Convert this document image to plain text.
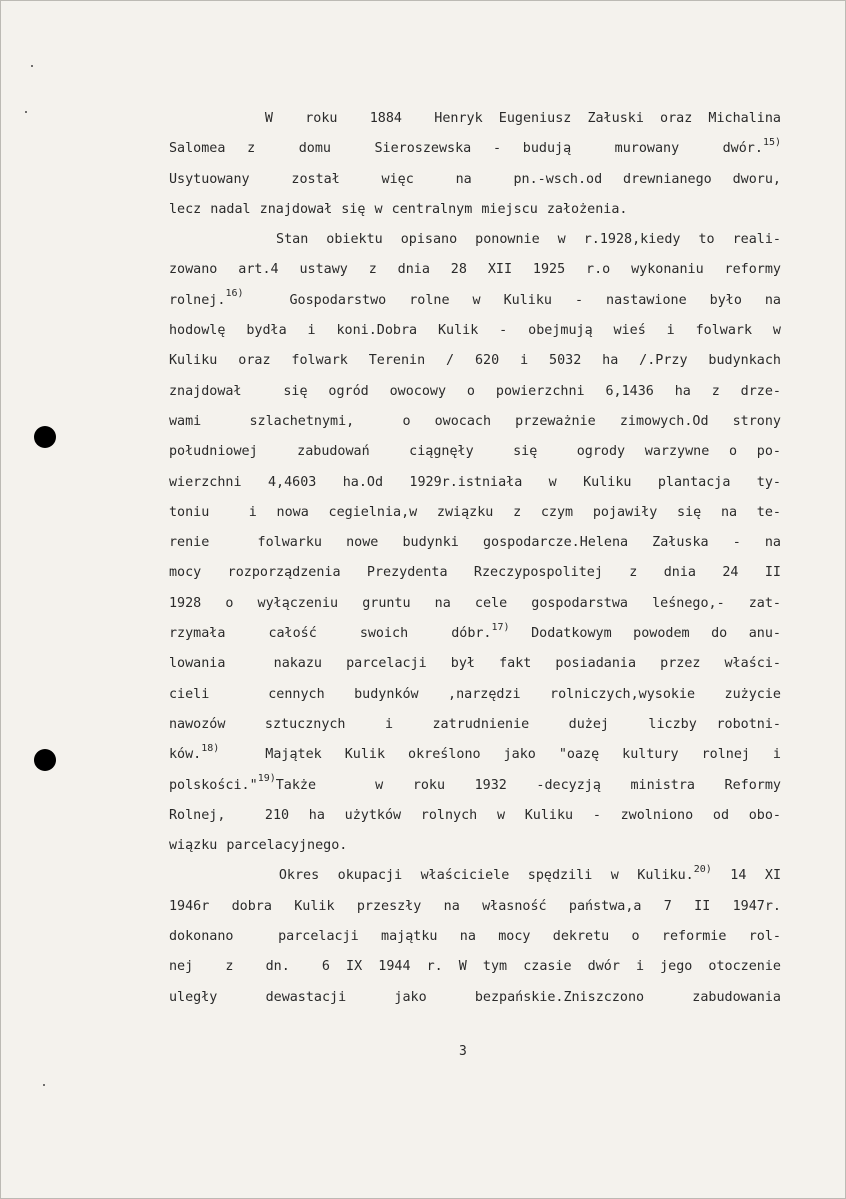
W  roku  1884  Henryk Eugeniusz Załuski oraz Michalina
Salomea z  domu  Sieroszewska - budują  murowany  dwór.$^{15)}$
Usytuowany  został  więc  na  pn.-wsch.od drewnianego dworu,
lecz nadal znajdował się w centralnym miejscu założenia.
Stan obiektu opisano ponownie w r.1928,kiedy to reali-
zowano art.4 ustawy z dnia 28 XII 1925 r.o wykonaniu reformy
rolnej.$^{16)}$  Gospodarstwo rolne w Kuliku - nastawione było na
hodowlę bydła i koni.Dobra Kulik - obejmują wieś i folwark w
Kuliku oraz folwark Terenin / 620 i 5032 ha /.Przy budynkach
znajdował  się ogród owocowy o powierzchni 6,1436 ha z drze-
wami  szlachetnymi,  o owocach przeważnie zimowych.Od strony
południowej  zabudowań  ciągnęły  się  ogrody warzywne o po-
wierzchni 4,4603 ha.Od 1929r.istniała w Kuliku plantacja ty-
toniu  i nowa cegielnia,w związku z czym pojawiły się na te-
renie  folwarku nowe budynki gospodarcze.Helena Załuska - na
mocy rozporządzenia Prezydenta Rzeczypospolitej z dnia 24 II
1928 o wyłączeniu gruntu na cele gospodarstwa leśnego,- zat-
rzymała  całość  swoich  dóbr.$^{17)}$ Dodatkowym powodem do anu-
lowania  nakazu parcelacji był fakt posiadania przez właści-
cieli  cennych budynków ,narzędzi rolniczych,wysokie zużycie
nawozów  sztucznych  i  zatrudnienie  dużej  liczby robotni-
ków.$^{18)}$  Majątek Kulik określono jako "oazę kultury rolnej i
polskości."$^{19)}$Także  w roku 1932 -decyzją ministra Reformy
Rolnej,  210 ha użytków rolnych w Kuliku - zwolniono od obo-
wiązku parcelacyjnego.
Okres okupacji właściciele spędzili w Kuliku.$^{20)}$ 14 XI
1946r dobra Kulik przeszły na własność państwa,a 7 II 1947r.
dokonano  parcelacji majątku na mocy dekretu o reformie rol-
nej  z  dn.  6 IX 1944 r. W tym czasie dwór i jego otoczenie
uległy  dewastacji  jako  bezpańskie.Zniszczono  zabudowania
3
